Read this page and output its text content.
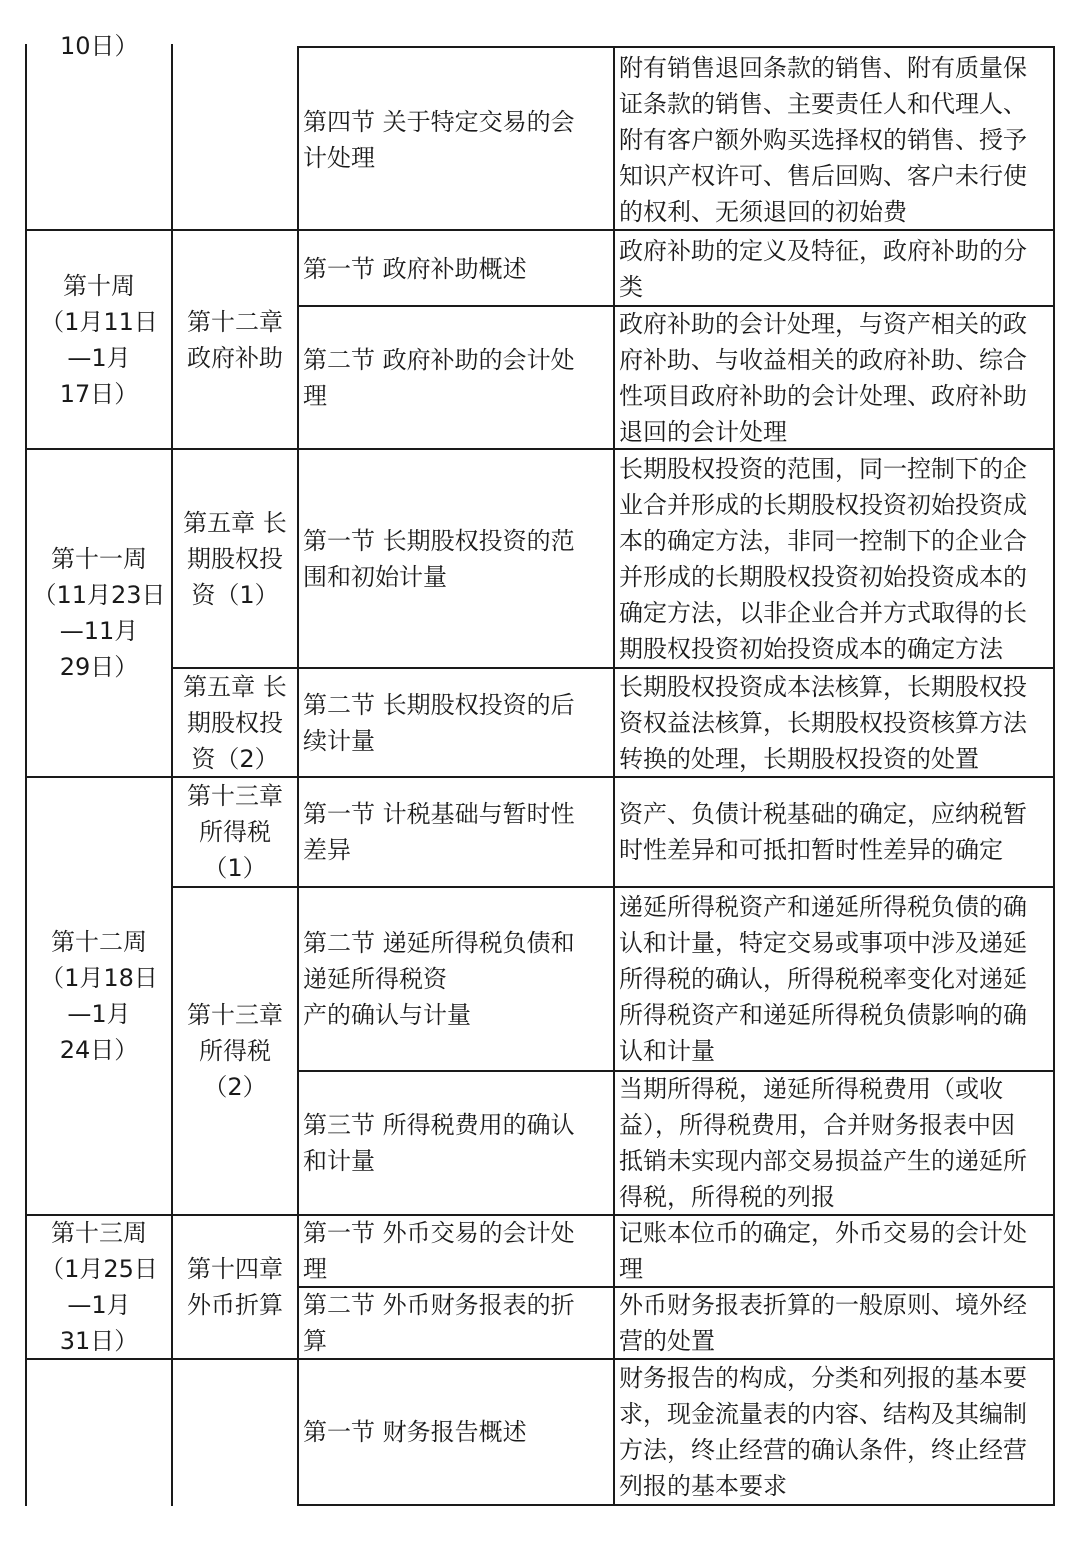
10日）
第四节 关于特定交易的会
计处理
附有销售退回条款的销售、附有质量保
证条款的销售、主要责任人和代理人、
附有客户额外购买选择权的销售、授予
知识产权许可、售后回购、客户未行使
的权利、无须退回的初始费
第十周
（1月11日
—1月
17日）
第十二章
政府补助
第一节 政府补助概述
政府补助的定义及特征，政府补助的分
类
第二节 政府补助的会计处
理
政府补助的会计处理，与资产相关的政
府补助、与收益相关的政府补助、综合
性项目政府补助的会计处理、政府补助
退回的会计处理
第十一周
（11月23日
—11月
29日）
第五章 长
期股权投
资（1）
第一节 长期股权投资的范
围和初始计量
长期股权投资的范围，同一控制下的企
业合并形成的长期股权投资初始投资成
本的确定方法，非同一控制下的企业合
并形成的长期股权投资初始投资成本的
确定方法，以非企业合并方式取得的长
期股权投资初始投资成本的确定方法
第五章 长
期股权投
资（2）
第二节 长期股权投资的后
续计量
长期股权投资成本法核算，长期股权投
资权益法核算，长期股权投资核算方法
转换的处理，长期股权投资的处置
第十二周
（1月18日
—1月
24日）
第十三章
所得税
（1）
第一节 计税基础与暂时性
差异
资产、负债计税基础的确定，应纳税暂
时性差异和可抵扣暂时性差异的确定
第十三章
所得税
（2）
第二节 递延所得税负债和
递延所得税资
产的确认与计量
递延所得税资产和递延所得税负债的确
认和计量，特定交易或事项中涉及递延
所得税的确认，所得税税率变化对递延
所得税资产和递延所得税负债影响的确
认和计量
第三节 所得税费用的确认
和计量
当期所得税，递延所得税费用（或收
益），所得税费用，合并财务报表中因
抵销未实现内部交易损益产生的递延所
得税，所得税的列报
第十三周
（1月25日
—1月
31日）
第十四章
外币折算
第一节 外币交易的会计处
理
记账本位币的确定，外币交易的会计处
理
第二节 外币财务报表的折
算
外币财务报表折算的一般原则、境外经
营的处置
第一节 财务报告概述
财务报告的构成，分类和列报的基本要
求，现金流量表的内容、结构及其编制
方法，终止经营的确认条件，终止经营
列报的基本要求
